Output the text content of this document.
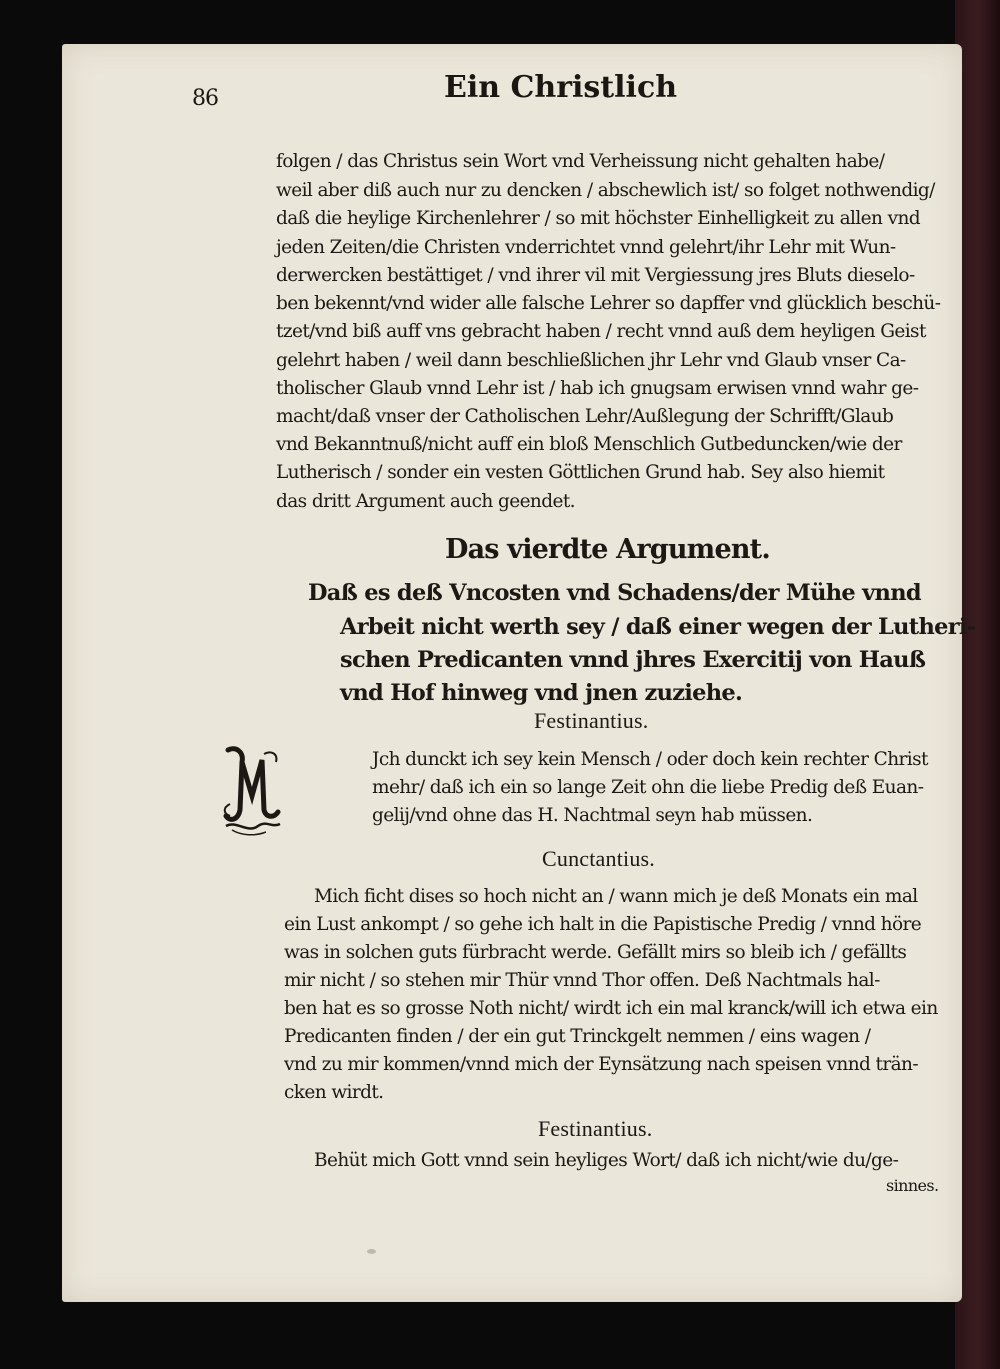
86	Ein Christlich
folgen / das Christus sein Wort vnd Verheissung nicht gehalten habe/
weil aber diß auch nur zu dencken / abschewlich ist/ so folget nothwendig/
daß die heylige Kirchenlehrer / so mit höchster Einhelligkeit zu allen vnd
jeden Zeiten/die Christen vnderrichtet vnnd gelehrt/ihr Lehr mit Wun-
derwercken bestättiget / vnd ihrer vil mit Vergiessung jres Bluts dieselo-
ben bekennt/vnd wider alle falsche Lehrer so dapffer vnd glücklich beschü-
tzet/vnd biß auff vns gebracht haben / recht vnnd auß dem heyligen Geist
gelehrt haben / weil dann beschließlichen jhr Lehr vnd Glaub vnser Ca-
tholischer Glaub vnnd Lehr ist / hab ich gnugsam erwisen vnnd wahr ge-
macht/daß vnser der Catholischen Lehr/Außlegung der Schrifft/Glaub
vnd Bekanntnuß/nicht auff ein bloß Menschlich Gutbeduncken/wie der
Lutherisch / sonder ein vesten Göttlichen Grund hab. Sey also hiemit
das dritt Argument auch geendet.
Das vierdte Argument.
Daß es deß Vncosten vnd Schadens/der Mühe vnnd
Arbeit nicht werth sey / daß einer wegen der Lutheri-
schen Predicanten vnnd jhres Exercitij von Hauß
vnd Hof hinweg vnd jnen zuziehe.
Festinantius.
Jch dunckt ich sey kein Mensch / oder doch kein rechter Christ
mehr/ daß ich ein so lange Zeit ohn die liebe Predig deß Euan-
gelij/vnd ohne das H. Nachtmal seyn hab müssen.
Cunctantius.
Mich ficht dises so hoch nicht an / wann mich je deß Monats ein mal
ein Lust ankompt / so gehe ich halt in die Papistische Predig / vnnd höre
was in solchen guts fürbracht werde. Gefällt mirs so bleib ich / gefällts
mir nicht / so stehen mir Thür vnnd Thor offen. Deß Nachtmals hal-
ben hat es so grosse Noth nicht/ wirdt ich ein mal kranck/will ich etwa ein
Predicanten finden / der ein gut Trinckgelt nemmen / eins wagen /
vnd zu mir kommen/vnnd mich der Eynsätzung nach speisen vnnd trän-
cken wirdt.
Festinantius.
Behüt mich Gott vnnd sein heyliges Wort/ daß ich nicht/wie du/ge-
sinnes.
